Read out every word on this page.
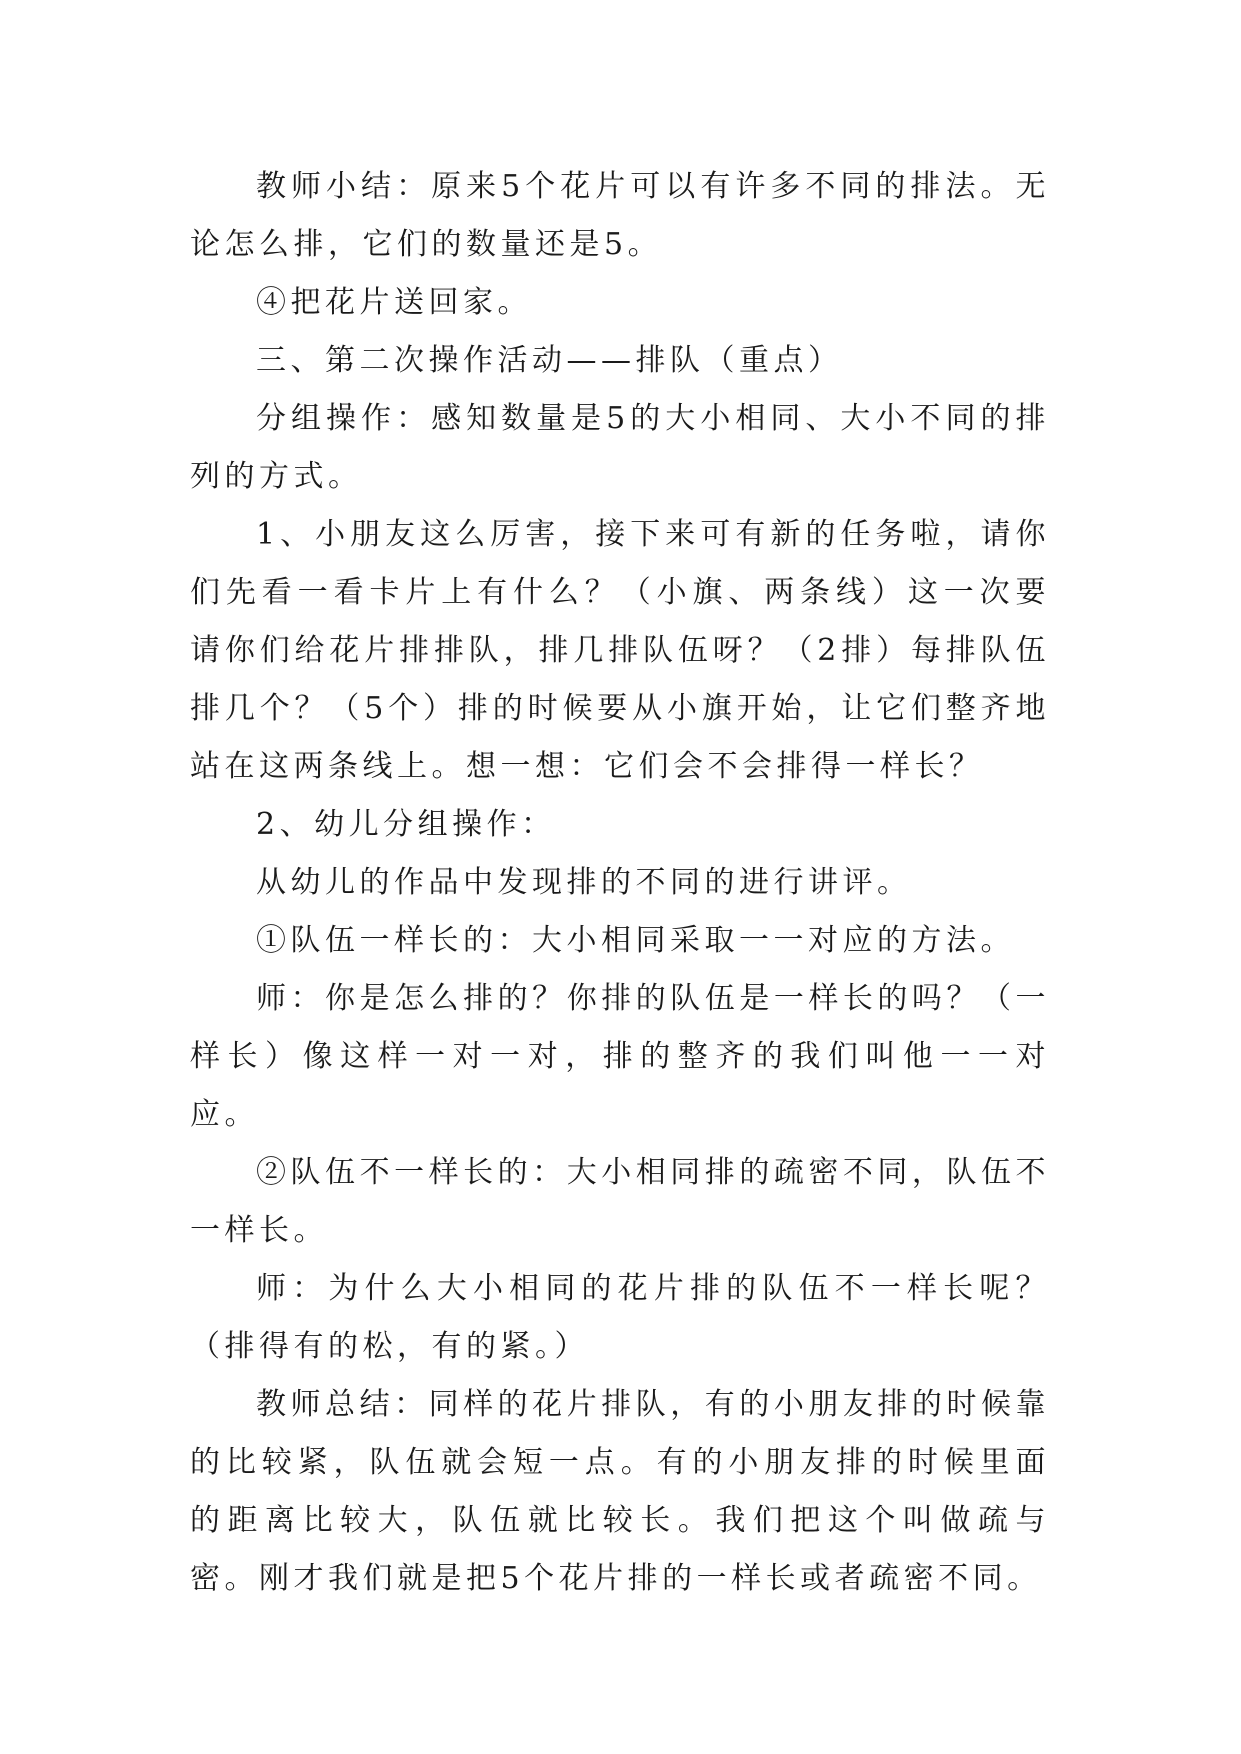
教师小结：原来5个花片可以有许多不同的排法。无论怎么排，它们的数量还是5。

④把花片送回家。

三、第二次操作活动——排队（重点）

分组操作：感知数量是5的大小相同、大小不同的排列的方式。

1、小朋友这么厉害，接下来可有新的任务啦，请你们先看一看卡片上有什么？（小旗、两条线）这一次要请你们给花片排排队，排几排队伍呀？（2排）每排队伍排几个？（5个）排的时候要从小旗开始，让它们整齐地站在这两条线上。想一想：它们会不会排得一样长？

2、幼儿分组操作：

从幼儿的作品中发现排的不同的进行讲评。

①队伍一样长的：大小相同采取一一对应的方法。

师：你是怎么排的？你排的队伍是一样长的吗？（一样长）像这样一对一对，排的整齐的我们叫他一一对应。

②队伍不一样长的：大小相同排的疏密不同，队伍不一样长。

师：为什么大小相同的花片排的队伍不一样长呢？（排得有的松，有的紧。）

教师总结：同样的花片排队，有的小朋友排的时候靠的比较紧，队伍就会短一点。有的小朋友排的时候里面的距离比较大，队伍就比较长。我们把这个叫做疏与密。刚才我们就是把5个花片排的一样长或者疏密不同。
